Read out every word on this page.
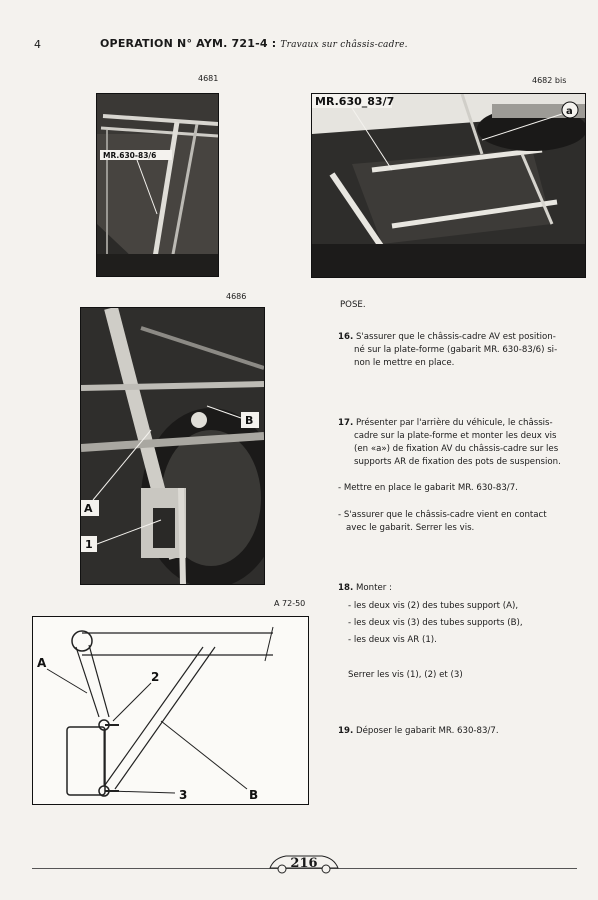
4	OPERATION N° AYM. 721-4 : Travaux sur châssis-cadre.
4681
MR.630-83/6
4682 bis
MR.630_83/7
a
4686
A
1
B
A 72-50
A
2
3	B
POSE.
16. S'assurer que le châssis-cadre AV est position-
né sur la plate-forme (gabarit MR. 630-83/6) si-
non le mettre en place.
17. Présenter par l'arrière du véhicule, le châssis-
cadre sur la plate-forme et monter les deux vis
(en «a») de fixation AV du châssis-cadre sur les
supports AR de fixation des pots de suspension.
- Mettre en place le gabarit MR. 630-83/7.
- S'assurer que le châssis-cadre vient en contact
avec le gabarit. Serrer les vis.
18. Monter :
- les deux vis (2) des tubes support (A),
- les deux vis (3) des tubes supports (B),
- les deux vis AR (1).
Serrer les vis (1), (2) et (3)
19. Déposer le gabarit MR. 630-83/7.
216
